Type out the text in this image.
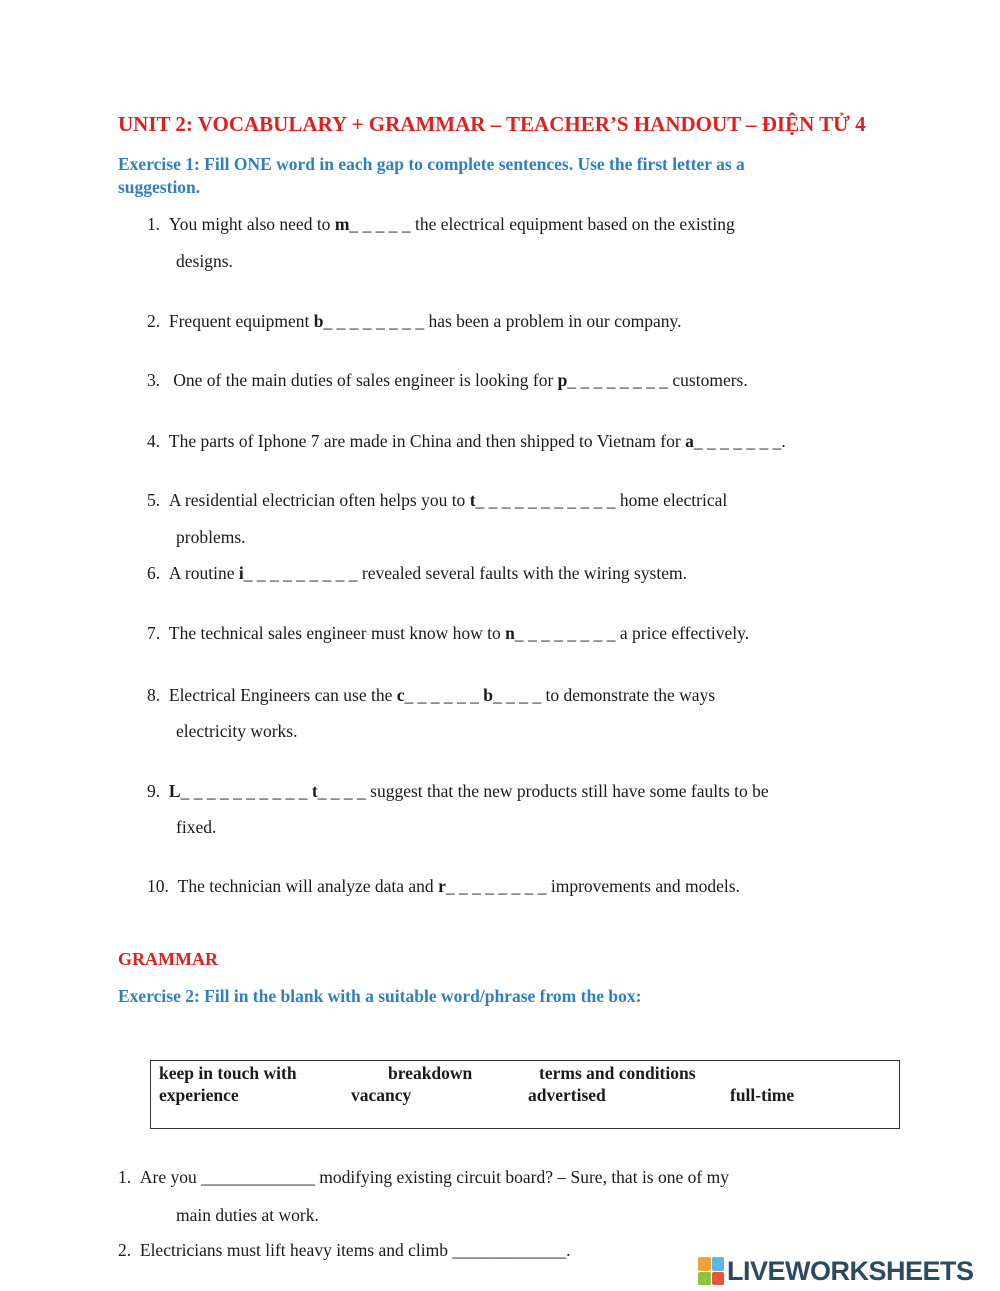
UNIT 2: VOCABULARY + GRAMMAR – TEACHER’S HANDOUT – ĐIỆN TỬ 4
Exercise 1: Fill ONE word in each gap to complete sentences. Use the first letter as a
suggestion.
1. You might also need to m_ _ _ _ _ the electrical equipment based on the existing
designs.
2. Frequent equipment b_ _ _ _ _ _ _ _ has been a problem in our company.
3.   One of the main duties of sales engineer is looking for p_ _ _ _ _ _ _ _ customers.
4. The parts of Iphone 7 are made in China and then shipped to Vietnam for a_ _ _ _ _ _ _.
5. A residential electrician often helps you to t_ _ _ _ _ _ _ _ _ _ _ home electrical
problems.
6. A routine i_ _ _ _ _ _ _ _ _ revealed several faults with the wiring system.
7. The technical sales engineer must know how to n_ _ _ _ _ _ _ _ a price effectively.
8. Electrical Engineers can use the c_ _ _ _ _ _ b_ _ _ _ to demonstrate the ways
electricity works.
9. L_ _ _ _ _ _ _ _ _ _ t_ _ _ _ suggest that the new products still have some faults to be
fixed.
10. The technician will analyze data and r_ _ _ _ _ _ _ _ improvements and models.
GRAMMAR
Exercise 2: Fill in the blank with a suitable word/phrase from the box:
keep in touch with	breakdown	terms and conditions
experience	vacancy	advertised	full-time
1. Are you _____________ modifying existing circuit board? – Sure, that is one of my
main duties at work.
2. Electricians must lift heavy items and climb _____________.
LIVEWORKSHEETS
